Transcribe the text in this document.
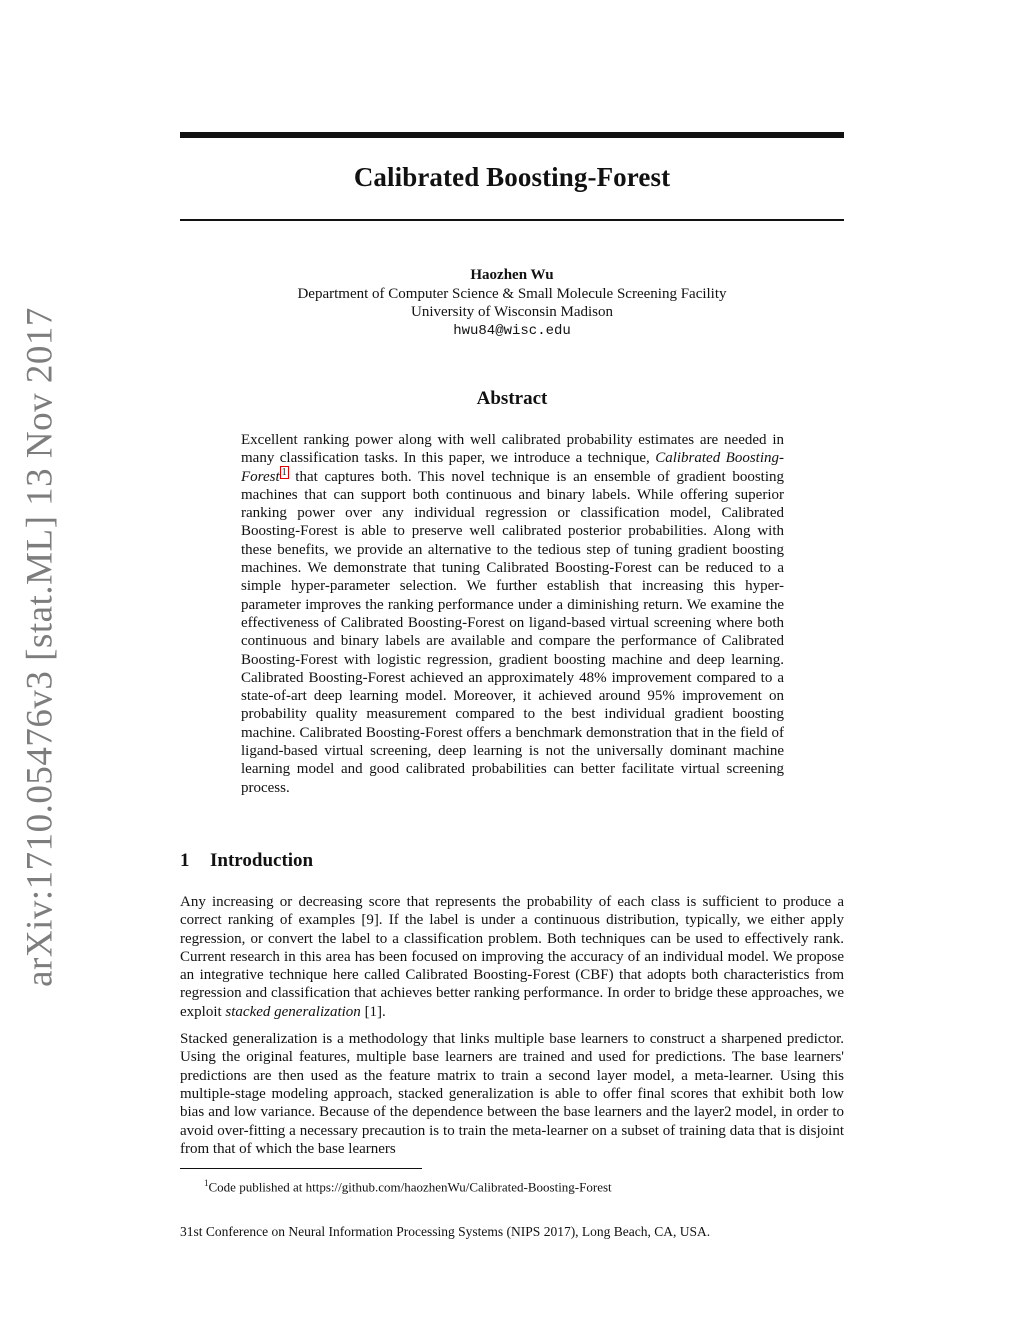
arXiv:1710.05476v3 [stat.ML] 13 Nov 2017
Calibrated Boosting-Forest
Haozhen Wu
Department of Computer Science & Small Molecule Screening Facility
University of Wisconsin Madison
hwu84@wisc.edu
Abstract

Excellent ranking power along with well calibrated probability estimates are needed in many classification tasks. In this paper, we introduce a technique, Calibrated Boosting-Forest $^1$ that captures both. This novel technique is an ensemble of gradient boosting machines that can support both continuous and binary labels. While offering superior ranking power over any individual regression or classification model, Calibrated Boosting-Forest is able to preserve well calibrated posterior probabilities. Along with these benefits, we provide an alternative to the tedious step of tuning gradient boosting machines. We demonstrate that tuning Calibrated Boosting-Forest can be reduced to a simple hyper-parameter selection. We further establish that increasing this hyper-parameter improves the ranking performance under a diminishing return. We examine the effectiveness of Calibrated Boosting-Forest on ligand-based virtual screening where both continuous and binary labels are available and compare the performance of Calibrated Boosting-Forest with logistic regression, gradient boosting machine and deep learning. Calibrated Boosting-Forest achieved an approximately 48% improvement compared to a state-of-art deep learning model. Moreover, it achieved around 95% improvement on probability quality measurement compared to the best individual gradient boosting machine. Calibrated Boosting-Forest offers a benchmark demonstration that in the field of ligand-based virtual screening, deep learning is not the universally dominant machine learning model and good calibrated probabilities can better facilitate virtual screening process.

1 Introduction

Any increasing or decreasing score that represents the probability of each class is sufficient to produce a correct ranking of examples [9]. If the label is under a continuous distribution, typically, we either apply regression, or convert the label to a classification problem. Both techniques can be used to effectively rank. Current research in this area has been focused on improving the accuracy of an individual model. We propose an integrative technique here called Calibrated Boosting-Forest (CBF) that adopts both characteristics from regression and classification that achieves better ranking performance. In order to bridge these approaches, we exploit stacked generalization [1].

Stacked generalization is a methodology that links multiple base learners to construct a sharpened predictor. Using the original features, multiple base learners are trained and used for predictions. The base learners' predictions are then used as the feature matrix to train a second layer model, a meta-learner. Using this multiple-stage modeling approach, stacked generalization is able to offer final scores that exhibit both low bias and low variance. Because of the dependence between the base learners and the layer2 model, in order to avoid over-fitting a necessary precaution is to train the meta-learner on a subset of training data that is disjoint from that of which the base learners

$^1$Code published at https://github.com/haozhenWu/Calibrated-Boosting-Forest
31st Conference on Neural Information Processing Systems (NIPS 2017), Long Beach, CA, USA.
